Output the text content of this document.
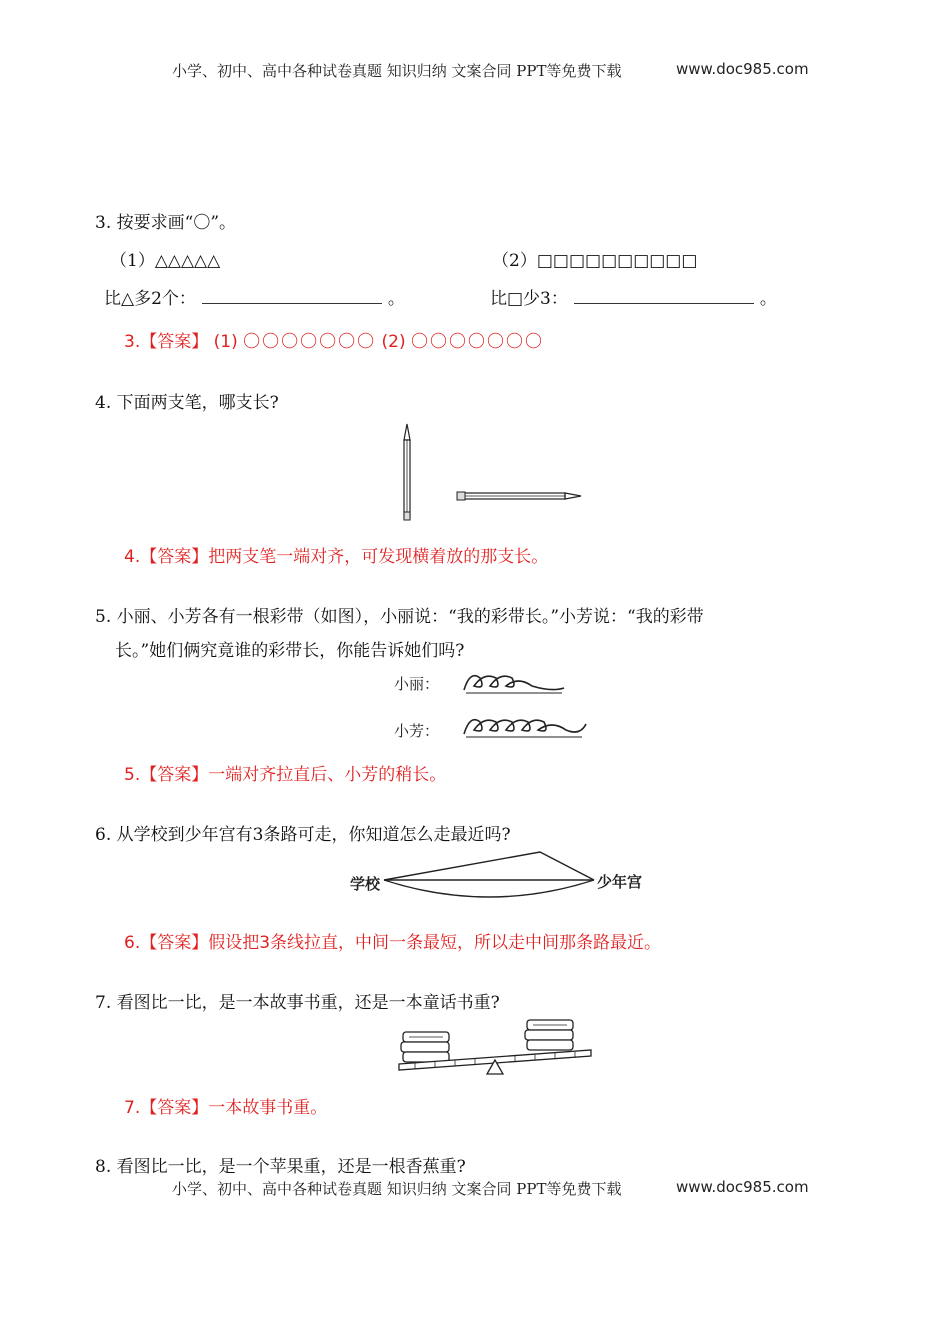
小学、初中、高中各种试卷真题 知识归纳 文案合同 PPT等免费下载	www.doc985.com
3. 按要求画“〇”。
（1）△△△△△	（2）□□□□□□□□□□
比△多2个：	。	比□少3：	。
3.【答案】 (1) 〇〇〇〇〇〇〇 (2) 〇〇〇〇〇〇〇
4. 下面两支笔，哪支长?
4.【答案】把两支笔一端对齐，可发现横着放的那支长。
5. 小丽、小芳各有一根彩带（如图），小丽说：“我的彩带长。”小芳说：“我的彩带
长。”她们俩究竟谁的彩带长，你能告诉她们吗?
小丽：
小芳：
5.【答案】一端对齐拉直后、小芳的稍长。
6. 从学校到少年宫有3条路可走，你知道怎么走最近吗?
学校	少年宫
6.【答案】假设把3条线拉直，中间一条最短，所以走中间那条路最近。
7. 看图比一比，是一本故事书重，还是一本童话书重?
7.【答案】一本故事书重。
8. 看图比一比，是一个苹果重，还是一根香蕉重?
小学、初中、高中各种试卷真题 知识归纳 文案合同 PPT等免费下载	www.doc985.com
